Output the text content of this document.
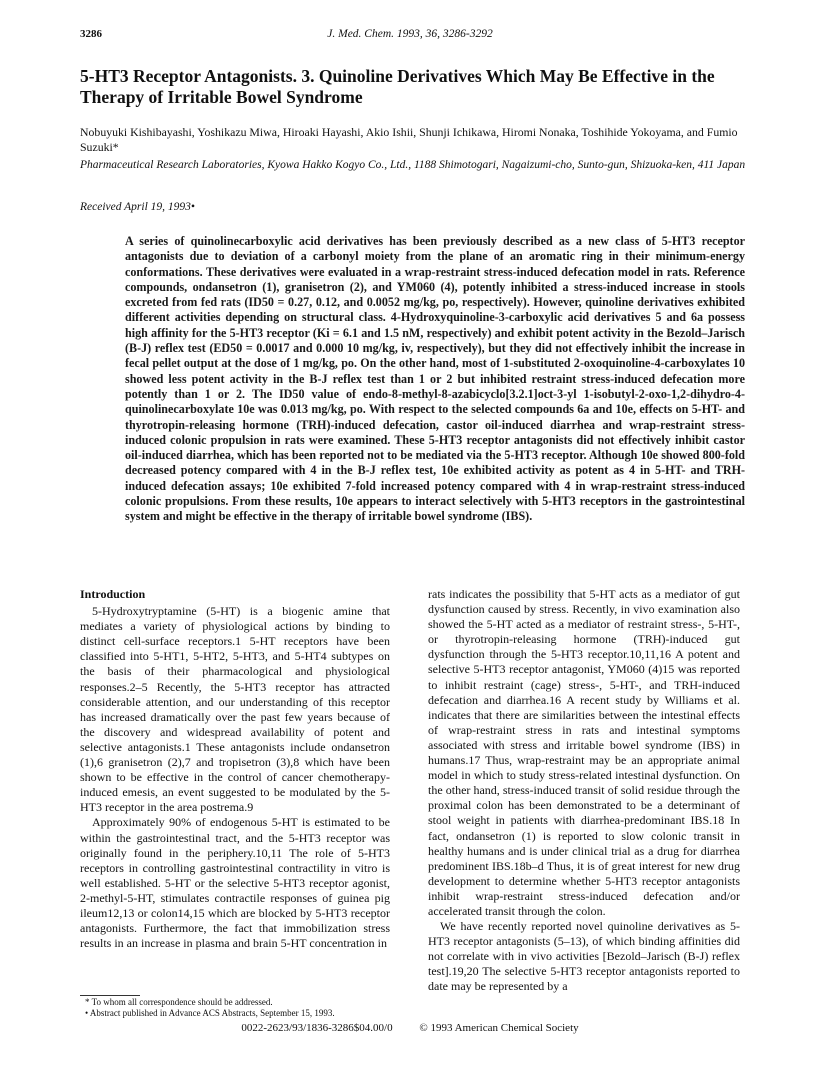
3286	J. Med. Chem. 1993, 36, 3286-3292
5-HT3 Receptor Antagonists. 3. Quinoline Derivatives Which May Be Effective in the Therapy of Irritable Bowel Syndrome
Nobuyuki Kishibayashi, Yoshikazu Miwa, Hiroaki Hayashi, Akio Ishii, Shunji Ichikawa, Hiromi Nonaka, Toshihide Yokoyama, and Fumio Suzuki*
Pharmaceutical Research Laboratories, Kyowa Hakko Kogyo Co., Ltd., 1188 Shimotogari, Nagaizumi-cho, Sunto-gun, Shizuoka-ken, 411 Japan
Received April 19, 1993•
A series of quinolinecarboxylic acid derivatives has been previously described as a new class of 5-HT3 receptor antagonists due to deviation of a carbonyl moiety from the plane of an aromatic ring in their minimum-energy conformations. These derivatives were evaluated in a wrap-restraint stress-induced defecation model in rats. Reference compounds, ondansetron (1), granisetron (2), and YM060 (4), potently inhibited a stress-induced increase in stools excreted from fed rats (ID50 = 0.27, 0.12, and 0.0052 mg/kg, po, respectively). However, quinoline derivatives exhibited different activities depending on structural class. 4-Hydroxyquinoline-3-carboxylic acid derivatives 5 and 6a possess high affinity for the 5-HT3 receptor (Ki = 6.1 and 1.5 nM, respectively) and exhibit potent activity in the Bezold–Jarisch (B-J) reflex test (ED50 = 0.0017 and 0.000 10 mg/kg, iv, respectively), but they did not effectively inhibit the increase in fecal pellet output at the dose of 1 mg/kg, po. On the other hand, most of 1-substituted 2-oxoquinoline-4-carboxylates 10 showed less potent activity in the B-J reflex test than 1 or 2 but inhibited restraint stress-induced defecation more potently than 1 or 2. The ID50 value of endo-8-methyl-8-azabicyclo[3.2.1]oct-3-yl 1-isobutyl-2-oxo-1,2-dihydro-4-quinolinecarboxylate 10e was 0.013 mg/kg, po. With respect to the selected compounds 6a and 10e, effects on 5-HT- and thyrotropin-releasing hormone (TRH)-induced defecation, castor oil-induced diarrhea and wrap-restraint stress-induced colonic propulsion in rats were examined. These 5-HT3 receptor antagonists did not effectively inhibit castor oil-induced diarrhea, which has been reported not to be mediated via the 5-HT3 receptor. Although 10e showed 800-fold decreased potency compared with 4 in the B-J reflex test, 10e exhibited activity as potent as 4 in 5-HT- and TRH-induced defecation assays; 10e exhibited 7-fold increased potency compared with 4 in wrap-restraint stress-induced colonic propulsions. From these results, 10e appears to interact selectively with 5-HT3 receptors in the gastrointestinal system and might be effective in the therapy of irritable bowel syndrome (IBS).
Introduction

5-Hydroxytryptamine (5-HT) is a biogenic amine that mediates a variety of physiological actions by binding to distinct cell-surface receptors.1 5-HT receptors have been classified into 5-HT1, 5-HT2, 5-HT3, and 5-HT4 subtypes on the basis of their pharmacological and physiological responses.2–5 Recently, the 5-HT3 receptor has attracted considerable attention, and our understanding of this receptor has increased dramatically over the past few years because of the discovery and widespread availability of potent and selective antagonists.1 These antagonists include ondansetron (1),6 granisetron (2),7 and tropisetron (3),8 which have been shown to be effective in the control of cancer chemotherapy-induced emesis, an event suggested to be modulated by the 5-HT3 receptor in the area postrema.9

Approximately 90% of endogenous 5-HT is estimated to be within the gastrointestinal tract, and the 5-HT3 receptor was originally found in the periphery.10,11 The role of 5-HT3 receptors in controlling gastrointestinal contractility in vitro is well established. 5-HT or the selective 5-HT3 receptor agonist, 2-methyl-5-HT, stimulates contractile responses of guinea pig ileum12,13 or colon14,15 which are blocked by 5-HT3 receptor antagonists. Furthermore, the fact that immobilization stress results in an increase in plasma and brain 5-HT concentration in

rats indicates the possibility that 5-HT acts as a mediator of gut dysfunction caused by stress. Recently, in vivo examination also showed the 5-HT acted as a mediator of restraint stress-, 5-HT-, or thyrotropin-releasing hormone (TRH)-induced gut dysfunction through the 5-HT3 receptor.10,11,16 A potent and selective 5-HT3 receptor antagonist, YM060 (4)15 was reported to inhibit restraint (cage) stress-, 5-HT-, and TRH-induced defecation and diarrhea.16 A recent study by Williams et al. indicates that there are similarities between the intestinal effects of wrap-restraint stress in rats and intestinal symptoms associated with stress and irritable bowel syndrome (IBS) in humans.17 Thus, wrap-restraint may be an appropriate animal model in which to study stress-related intestinal dysfunction. On the other hand, stress-induced transit of solid residue through the proximal colon has been demonstrated to be a determinant of stool weight in patients with diarrhea-predominant IBS.18 In fact, ondansetron (1) is reported to slow colonic transit in healthy humans and is under clinical trial as a drug for diarrhea predominent IBS.18b–d Thus, it is of great interest for new drug development to determine whether 5-HT3 receptor antagonists inhibit wrap-restraint stress-induced defecation and/or accelerated transit through the colon.

We have recently reported novel quinoline derivatives as 5-HT3 receptor antagonists (5–13), of which binding affinities did not correlate with in vivo activities [Bezold–Jarisch (B-J) reflex test].19,20 The selective 5-HT3 receptor antagonists reported to date may be represented by a

* To whom all correspondence should be addressed.
• Abstract published in Advance ACS Abstracts, September 15, 1993.
0022-2623/93/1836-3286$04.00/0 © 1993 American Chemical Society
